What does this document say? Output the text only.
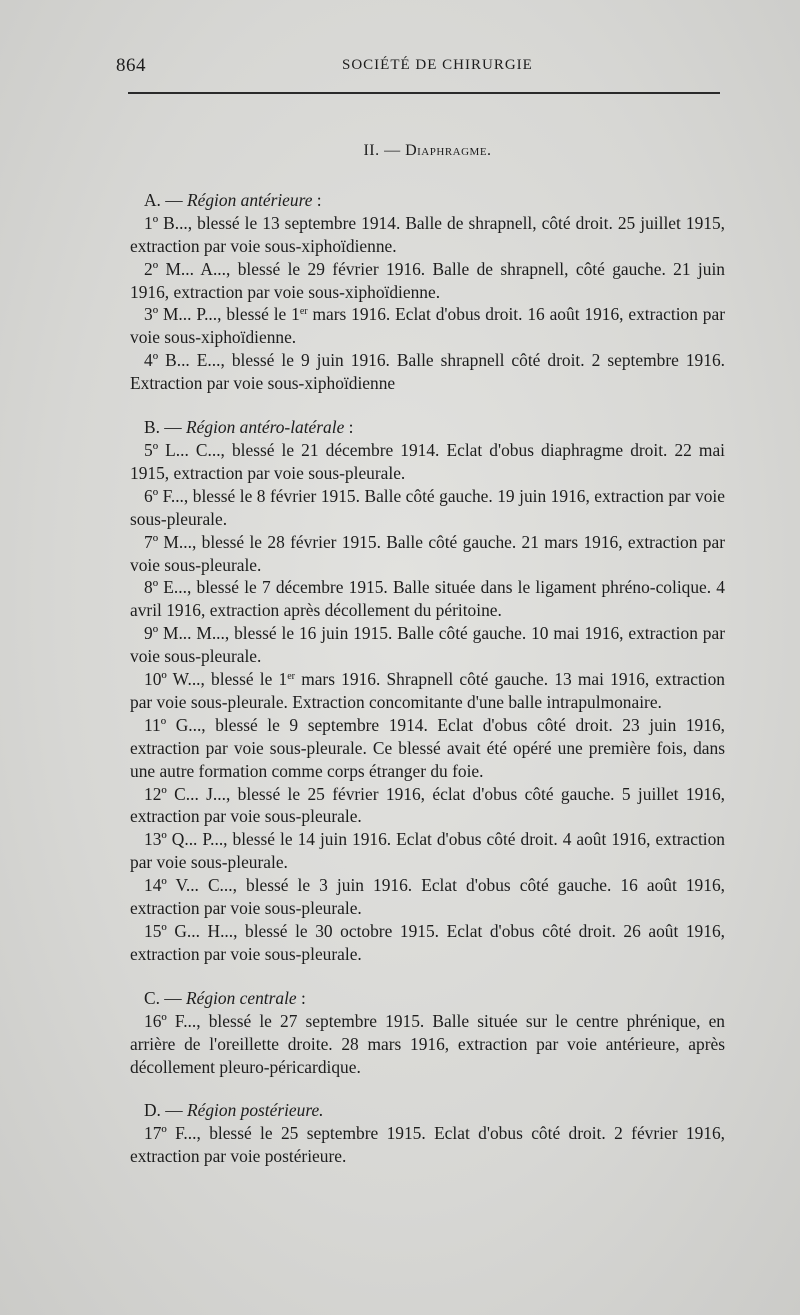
864	SOCIÉTÉ DE CHIRURGIE
II. — Diaphragme.

A. — Région antérieure :

1º B..., blessé le 13 septembre 1914. Balle de shrapnell, côté droit. 25 juillet 1915, extraction par voie sous-xiphoïdienne.

2º M... A..., blessé le 29 février 1916. Balle de shrapnell, côté gauche. 21 juin 1916, extraction par voie sous-xiphoïdienne.

3º M... P..., blessé le 1er mars 1916. Eclat d'obus droit. 16 août 1916, extraction par voie sous-xiphoïdienne.

4º B... E..., blessé le 9 juin 1916. Balle shrapnell côté droit. 2 septembre 1916. Extraction par voie sous-xiphoïdienne

B. — Région antéro-latérale :

5º L... C..., blessé le 21 décembre 1914. Eclat d'obus diaphragme droit. 22 mai 1915, extraction par voie sous-pleurale.

6º F..., blessé le 8 février 1915. Balle côté gauche. 19 juin 1916, extraction par voie sous-pleurale.

7º M..., blessé le 28 février 1915. Balle côté gauche. 21 mars 1916, extraction par voie sous-pleurale.

8º E..., blessé le 7 décembre 1915. Balle située dans le ligament phréno-colique. 4 avril 1916, extraction après décollement du péritoine.

9º M... M..., blessé le 16 juin 1915. Balle côté gauche. 10 mai 1916, extraction par voie sous-pleurale.

10º W..., blessé le 1er mars 1916. Shrapnell côté gauche. 13 mai 1916, extraction par voie sous-pleurale. Extraction concomitante d'une balle intrapulmonaire.

11º G..., blessé le 9 septembre 1914. Eclat d'obus côté droit. 23 juin 1916, extraction par voie sous-pleurale. Ce blessé avait été opéré une première fois, dans une autre formation comme corps étranger du foie.

12º C... J..., blessé le 25 février 1916, éclat d'obus côté gauche. 5 juillet 1916, extraction par voie sous-pleurale.

13º Q... P..., blessé le 14 juin 1916. Eclat d'obus côté droit. 4 août 1916, extraction par voie sous-pleurale.

14º V... C..., blessé le 3 juin 1916. Eclat d'obus côté gauche. 16 août 1916, extraction par voie sous-pleurale.

15º G... H..., blessé le 30 octobre 1915. Eclat d'obus côté droit. 26 août 1916, extraction par voie sous-pleurale.

C. — Région centrale :

16º F..., blessé le 27 septembre 1915. Balle située sur le centre phrénique, en arrière de l'oreillette droite. 28 mars 1916, extraction par voie antérieure, après décollement pleuro-péricardique.

D. — Région postérieure.

17º F..., blessé le 25 septembre 1915. Eclat d'obus côté droit. 2 février 1916, extraction par voie postérieure.
